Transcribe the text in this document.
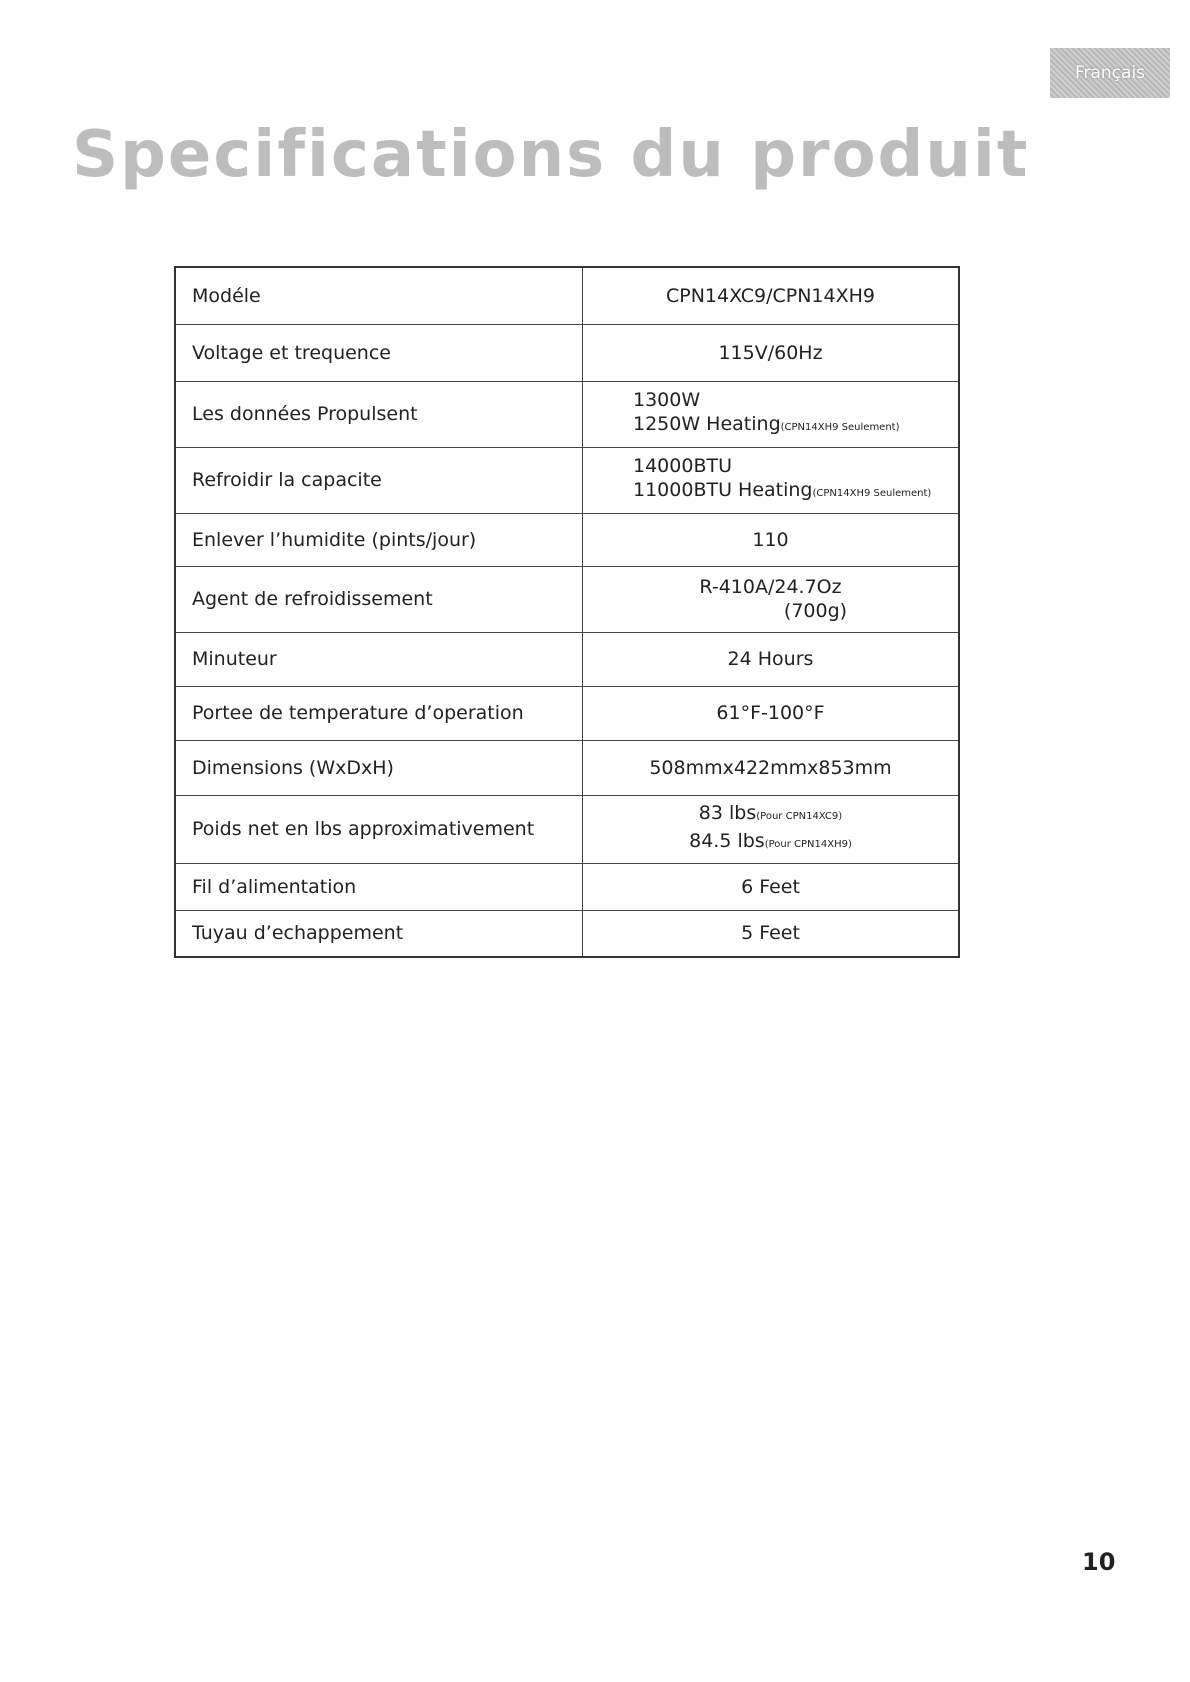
Français
Specifications du produit
Modéle	CPN14XC9/CPN14XH9
Voltage et trequence	115V/60Hz
Les données Propulsent	1300W
1250W Heating(CPN14XH9 Seulement)

Refroidir la capacite	14000BTU
11000BTU Heating(CPN14XH9 Seulement)

Enlever l’humidite (pints/jour)	110
Agent de refroidissement	R-410A/24.7Oz
(700g)

Minuteur	24 Hours
Portee de temperature d’operation	61°F-100°F
Dimensions (WxDxH)	508mmx422mmx853mm
Poids net en lbs approximativement	83 lbs(Pour CPN14XC9)
84.5 lbs(Pour CPN14XH9)

Fil d’alimentation	6 Feet
Tuyau d’echappement	5 Feet
10
